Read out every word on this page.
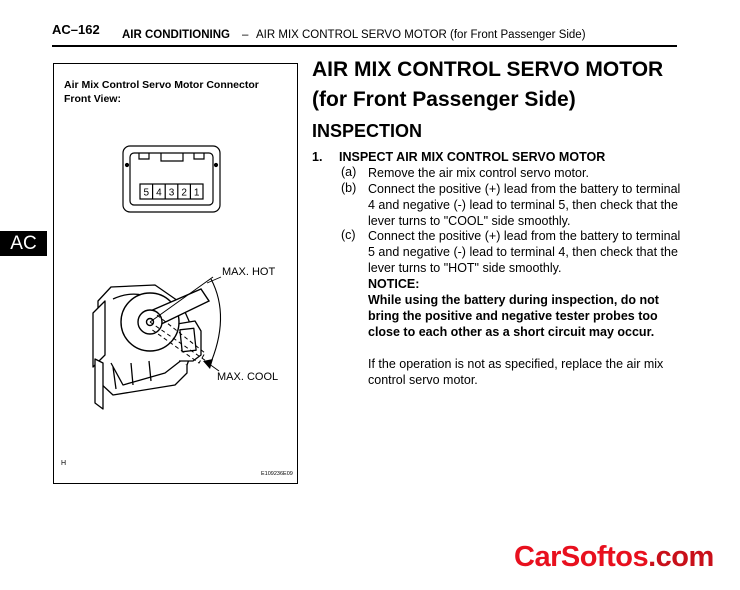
AC–162 AIR CONDITIONING – AIR MIX CONTROL SERVO MOTOR (for Front Passenger Side)
AC
Air Mix Control Servo Motor Connector Front View:
5 4 3 2 1
MAX. HOT
MAX. COOL
H
E109236E09
AIR MIX CONTROL SERVO MOTOR (for Front Passenger Side)
INSPECTION
1. INSPECT AIR MIX CONTROL SERVO MOTOR
(a) Remove the air mix control servo motor.
(b) Connect the positive (+) lead from the battery to terminal 4 and negative (-) lead to terminal 5, then check that the lever turns to "COOL" side smoothly.
(c) Connect the positive (+) lead from the battery to terminal 5 and negative (-) lead to terminal 4, then check that the lever turns to "HOT" side smoothly.
NOTICE:
While using the battery during inspection, do not bring the positive and negative tester probes too close to each other as a short circuit may occur.
If the operation is not as specified, replace the air mix control servo motor.
CarSoftos.com
